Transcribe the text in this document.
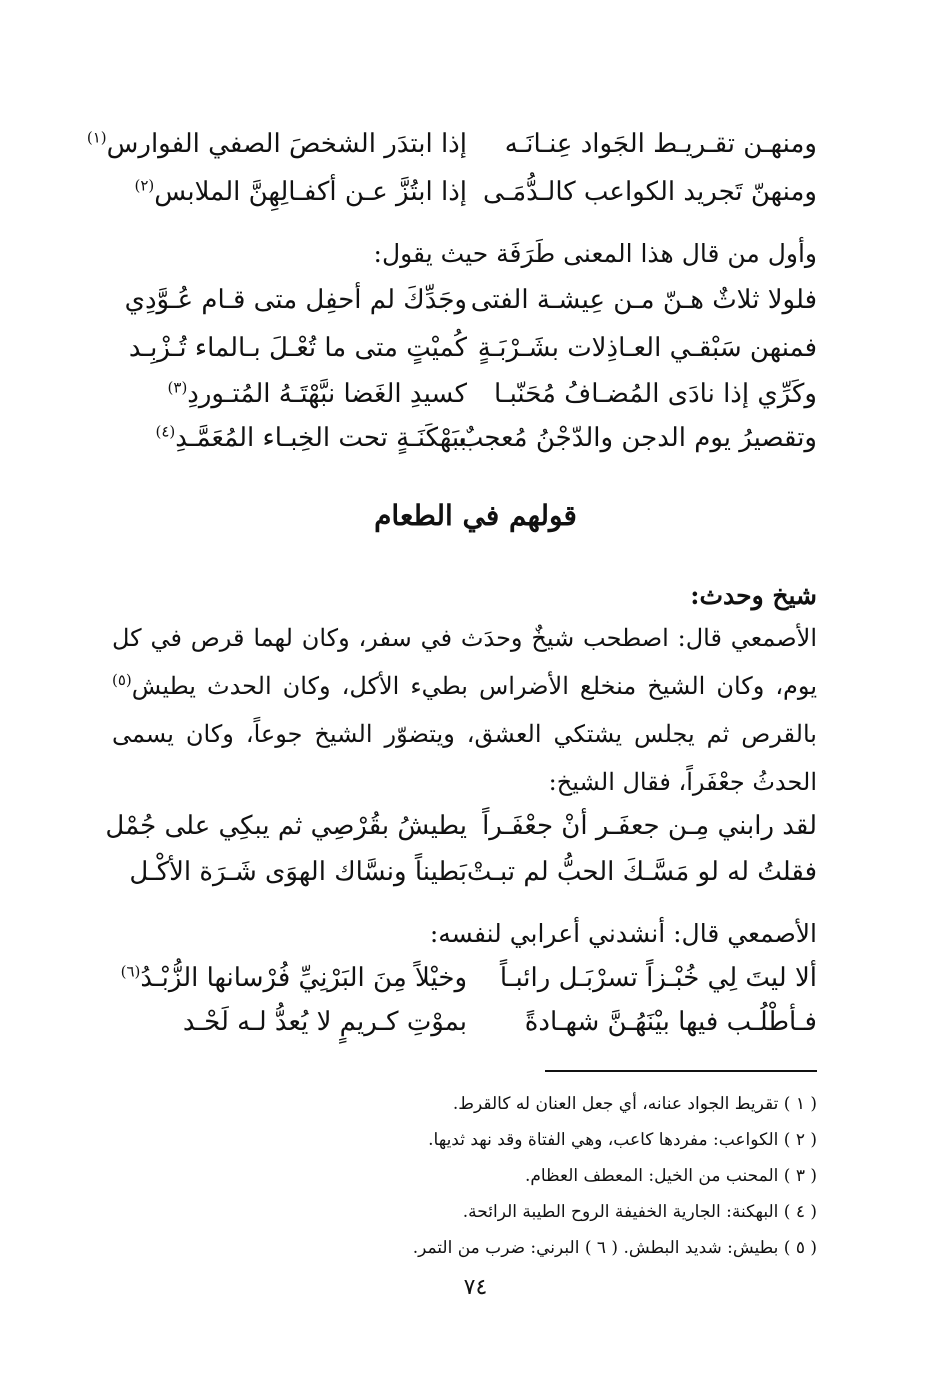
ومنهـن تقـريـط الجَواد عِنـانَـه
إذا ابتدَر الشخصَ الصفي الفوارس$^{(١)}$
ومنهنّ تَجريد الكواعب كالـدُّمَـى
إذا ابتُزَّ عـن أكفـالِهِنَّ الملابس$^{(٢)}$
وأول من قال هذا المعنى طَرَفَة حيث يقول:
فلولا ثلاثٌ هـنّ مـن عِيشـة الفتى
وجَدِّكَ لم أحفِل متى قـام عُـوَّدِي
فمنهن سَبْقـي العـاذِلات بشَـرْبَـةٍ
كُميْتٍ متى ما تُعْـلَ بـالماء تُـزْبِـد
وكَرِّي إذا نادَى المُضـافُ مُحَنّبـا
كسيدِ الغَضا نبَّهْتَـهُ المُتـوردِ$^{(٣)}$
وتقصيرُ يوم الدجن والدّجْنُ مُعجبٌ
ببَهْكَنَـةٍ تحت الخِبـاء المُعَمَّـدِ$^{(٤)}$
قولهم في الطعام
شيخ وحدث:
الأصمعي قال: اصطحب شيخٌ وحدَث في سفر، وكان لهما قرص في كل يوم، وكان الشيخ منخلع الأضراس بطيء الأكل، وكان الحدث يطيش$^{(٥)}$ بالقرص ثم يجلس يشتكي العشق، ويتضوّر الشيخ جوعاً، وكان يسمى الحدثُ جعْفَراً، فقال الشيخ:
لقد رابني مِـن جعفَـر أنْ جعْفَـراً
يطيشُ بقُرْصِي ثم يبكِي على جُمْل
فقلتُ له لو مَسَّـكَ الحبُّ لم تبـتْ
بَطيناً ونسَّاك الهوَى شَـرَة الأكْـل
الأصمعي قال: أنشدني أعرابي لنفسه:
ألا ليتَ لِي خُبْـزاً تسرْبَـل رائبـاً
وخيْلاً مِنَ البَرْنِيِّ فُرْسانها الزُّبْـدُ$^{(٦)}$
فـأطْلُـب فيها بيْنَهُـنَّ شهـادةً
بموْتِ كـريمٍ لا يُعدُّ لـه لَحْـد
( ١ ) تقريط الجواد عنانه، أي جعل العنان له كالقرط.
( ٢ ) الكواعب: مفردها كاعب، وهي الفتاة وقد نهد ثديها.
( ٣ ) المحنب من الخيل: المعطف العظام.
( ٤ ) البهكنة: الجارية الخفيفة الروح الطيبة الرائحة.
( ٥ ) بطيش: شديد البطش. ( ٦ ) البرني: ضرب من التمر.
٧٤
